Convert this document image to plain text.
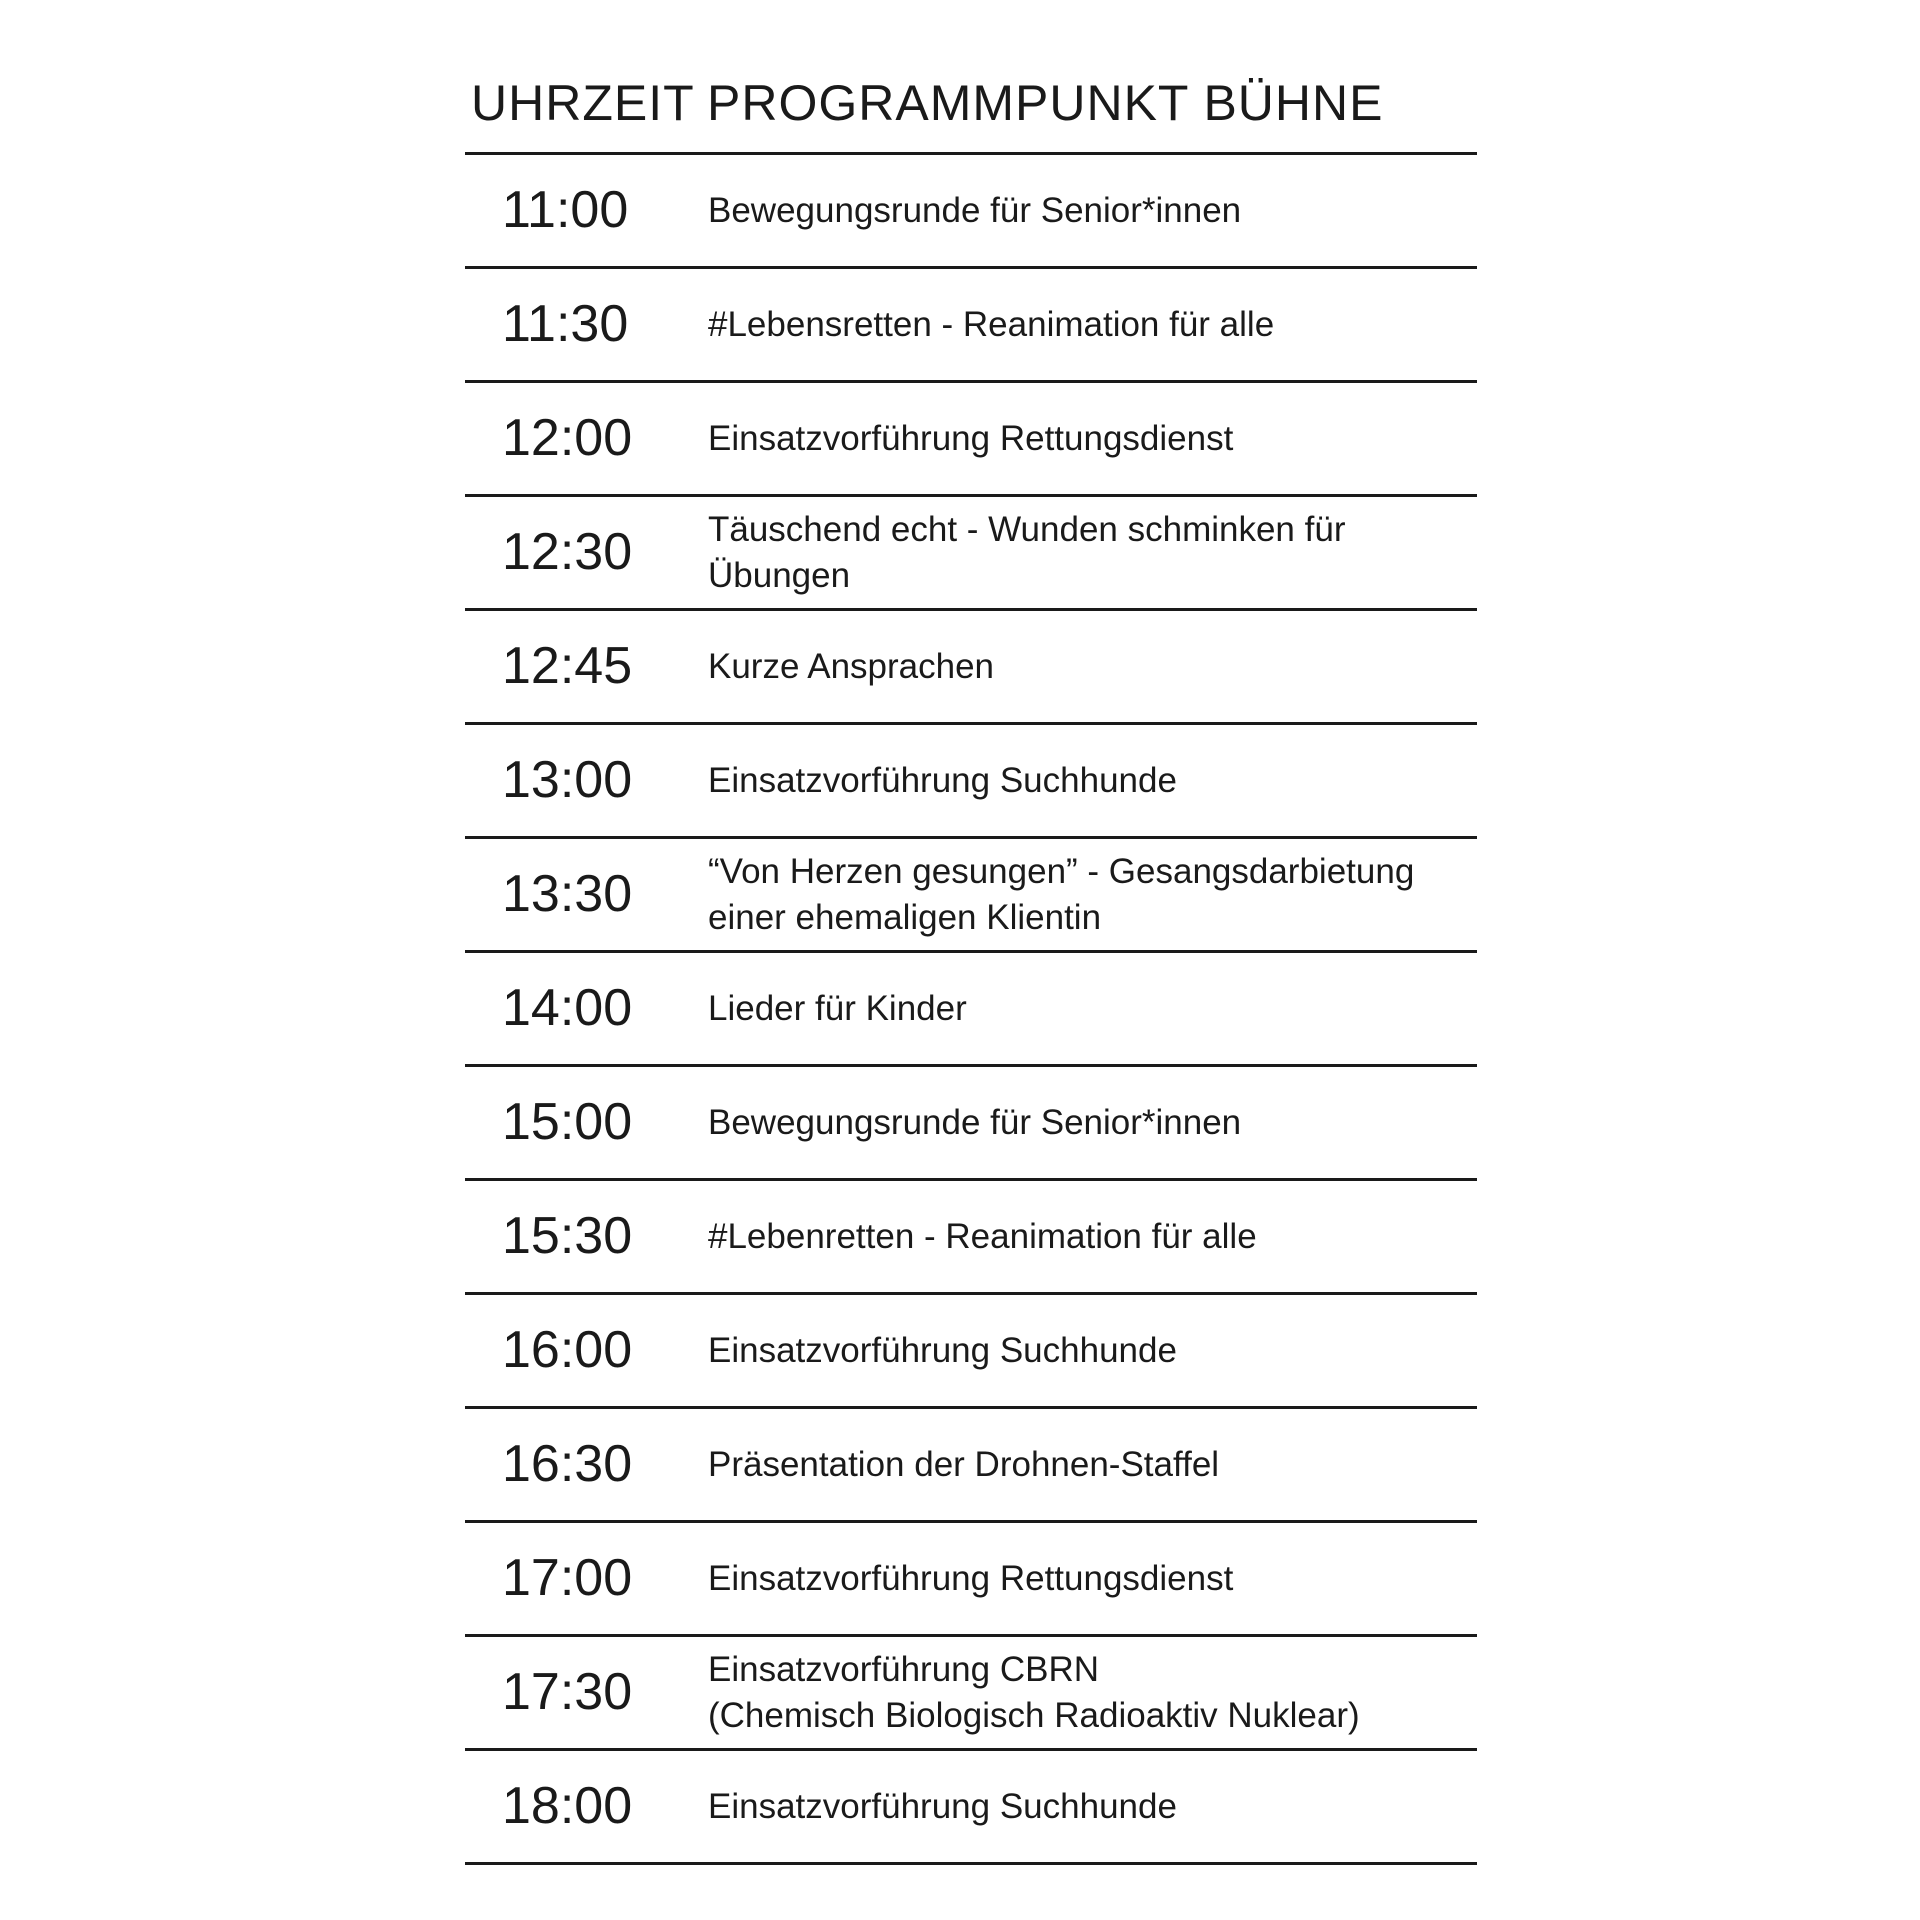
UHRZEIT PROGRAMMPUNKT BÜHNE
11:00 Bewegungsrunde für Senior*innen
11:30 #Lebensretten - Reanimation für alle
12:00 Einsatzvorführung Rettungsdienst
12:30 Täuschend echt - Wunden schminken für
Übungen
12:45 Kurze Ansprachen
13:00 Einsatzvorführung Suchhunde
13:30 “Von Herzen gesungen” - Gesangsdarbietung
einer ehemaligen Klientin
14:00 Lieder für Kinder
15:00 Bewegungsrunde für Senior*innen
15:30 #Lebenretten - Reanimation für alle
16:00 Einsatzvorführung Suchhunde
16:30 Präsentation der Drohnen-Staffel
17:00 Einsatzvorführung Rettungsdienst
17:30 Einsatzvorführung CBRN
(Chemisch Biologisch Radioaktiv Nuklear)
18:00 Einsatzvorführung Suchhunde
